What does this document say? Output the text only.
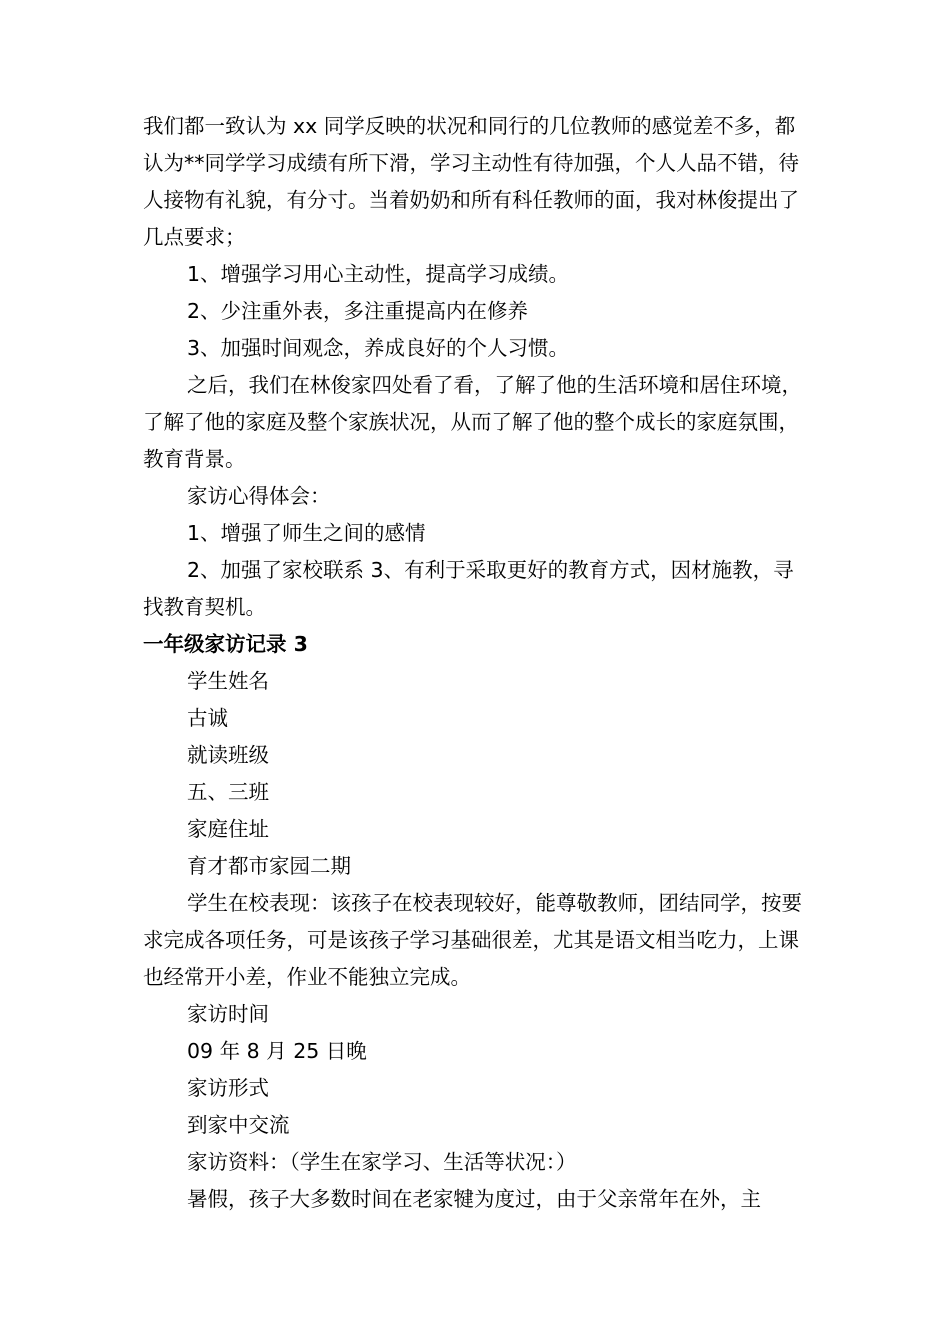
我们都一致认为 xx 同学反映的状况和同行的几位教师的感觉差不多，都认为**同学学习成绩有所下滑，学习主动性有待加强，个人人品不错，待人接物有礼貌，有分寸。当着奶奶和所有科任教师的面，我对林俊提出了几点要求；

1、增强学习用心主动性，提高学习成绩。

2、少注重外表，多注重提高内在修养

3、加强时间观念，养成良好的个人习惯。

之后，我们在林俊家四处看了看，了解了他的生活环境和居住环境，了解了他的家庭及整个家族状况，从而了解了他的整个成长的家庭氛围，教育背景。

家访心得体会：

1、增强了师生之间的感情

2、加强了家校联系 3、有利于采取更好的教育方式，因材施教，寻找教育契机。

一年级家访记录 3

学生姓名

古诚

就读班级

五、三班

家庭住址

育才都市家园二期

学生在校表现：该孩子在校表现较好，能尊敬教师，团结同学，按要求完成各项任务，可是该孩子学习基础很差，尤其是语文相当吃力，上课也经常开小差，作业不能独立完成。

家访时间

09 年 8 月 25 日晚

家访形式

到家中交流

家访资料：（学生在家学习、生活等状况：）

暑假，孩子大多数时间在老家犍为度过，由于父亲常年在外，主
